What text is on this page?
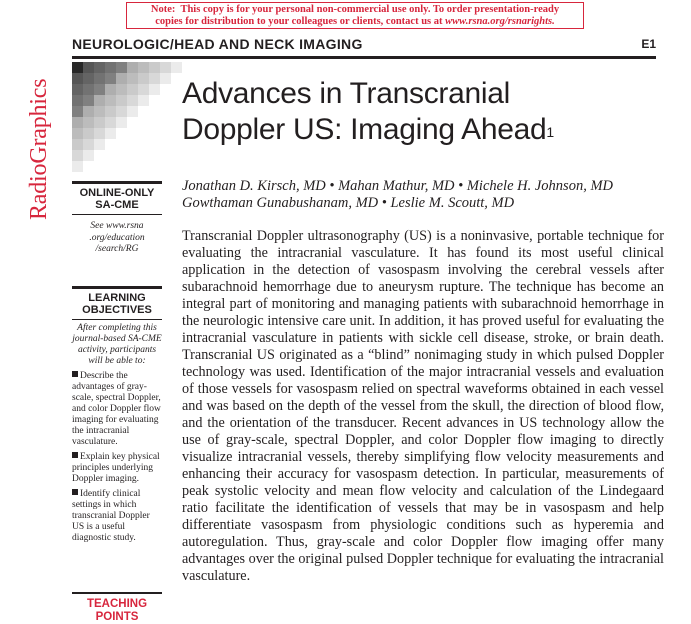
Note: This copy is for your personal non-commercial use only. To order presentation-ready
copies for distribution to your colleagues or clients, contact us at www.rsna.org/rsnarights.
RadioGraphics
NEUROLOGIC/HEAD AND NECK IMAGING	E1
Advances in Transcranial
Doppler US: Imaging Ahead$^1$
Jonathan D. Kirsch, MD • Mahan Mathur, MD • Michele H. Johnson, MD
Gowthaman Gunabushanam, MD • Leslie M. Scoutt, MD
ONLINE-ONLY
SA-CME
See www.rsna
.org/education
/search/RG
LEARNING
OBJECTIVES
After completing this journal-based SA-CME activity, participants will be able to:
Describe the advantages of gray-scale, spectral Doppler, and color Doppler flow imaging for evaluating the intracranial vasculature.
Explain key physical principles underlying Doppler imaging.
Identify clinical settings in which transcranial Doppler US is a useful diagnostic study.
TEACHING
POINTS
Transcranial Doppler ultrasonography (US) is a noninvasive, portable technique for evaluating the intracranial vasculature. It has found its most useful clinical application in the detection of vasospasm involving the cerebral vessels after subarachnoid hemorrhage due to aneurysm rupture. The technique has become an integral part of monitoring and managing patients with subarachnoid hemorrhage in the neurologic intensive care unit. In addition, it has proved useful for evaluating the intracranial vasculature in patients with sickle cell disease, stroke, or brain death. Transcranial US originated as a “blind” nonimaging study in which pulsed Doppler technology was used. Identification of the major intracranial vessels and evaluation of those vessels for vasospasm relied on spectral waveforms obtained in each vessel and was based on the depth of the vessel from the skull, the direction of blood flow, and the orientation of the transducer. Recent advances in US technology allow the use of gray-scale, spectral Doppler, and color Doppler flow imaging to directly visualize intracranial vessels, thereby simplifying flow velocity measurements and enhancing their accuracy for vasospasm detection. In particular, measurements of peak systolic velocity and mean flow velocity and calculation of the Lindegaard ratio facilitate the identification of vessels that may be in vasospasm and help differentiate vasospasm from physiologic conditions such as hyperemia and autoregulation. Thus, gray-scale and color Doppler flow imaging offer many advantages over the original pulsed Doppler technique for evaluating the intracranial vasculature.
